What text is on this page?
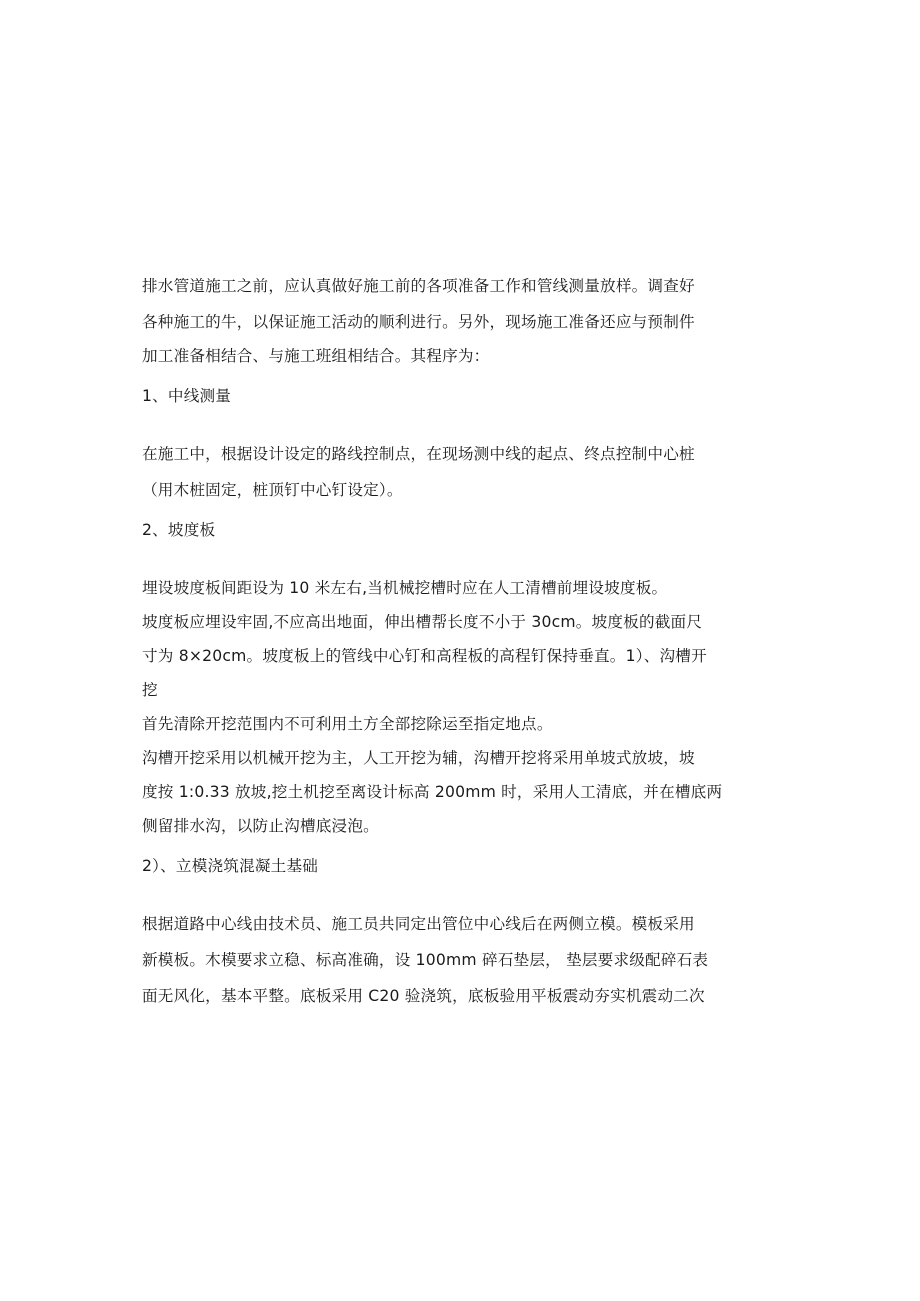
排水管道施工之前，应认真做好施工前的各项准备工作和管线测量放样。调查好
各种施工的牛，以保证施工活动的顺利进行。另外，现场施工准备还应与预制件
加工准备相结合、与施工班组相结合。其程序为：
1、中线测量
在施工中，根据设计设定的路线控制点，在现场测中线的起点、终点控制中心桩
（用木桩固定，桩顶钉中心钉设定）。
2、坡度板
埋设坡度板间距设为 10 米左右,当机械挖槽时应在人工清槽前埋设坡度板。
坡度板应埋设牢固,不应高出地面，伸出槽帮长度不小于 30cm。坡度板的截面尺
寸为 8×20cm。坡度板上的管线中心钉和高程板的高程钉保持垂直。1）、沟槽开
挖
首先清除开挖范围内不可利用土方全部挖除运至指定地点。
沟槽开挖采用以机械开挖为主，人工开挖为辅，沟槽开挖将采用单坡式放坡，坡
度按 1:0.33 放坡,挖土机挖至离设计标高 200mm 时，采用人工清底，并在槽底两
侧留排水沟，以防止沟槽底浸泡。
2）、立模浇筑混凝土基础
根据道路中心线由技术员、施工员共同定出管位中心线后在两侧立模。模板采用
新模板。木模要求立稳、标高准确，设 100mm 碎石垫层， 垫层要求级配碎石表
面无风化，基本平整。底板采用 C20 验浇筑，底板验用平板震动夯实机震动二次
